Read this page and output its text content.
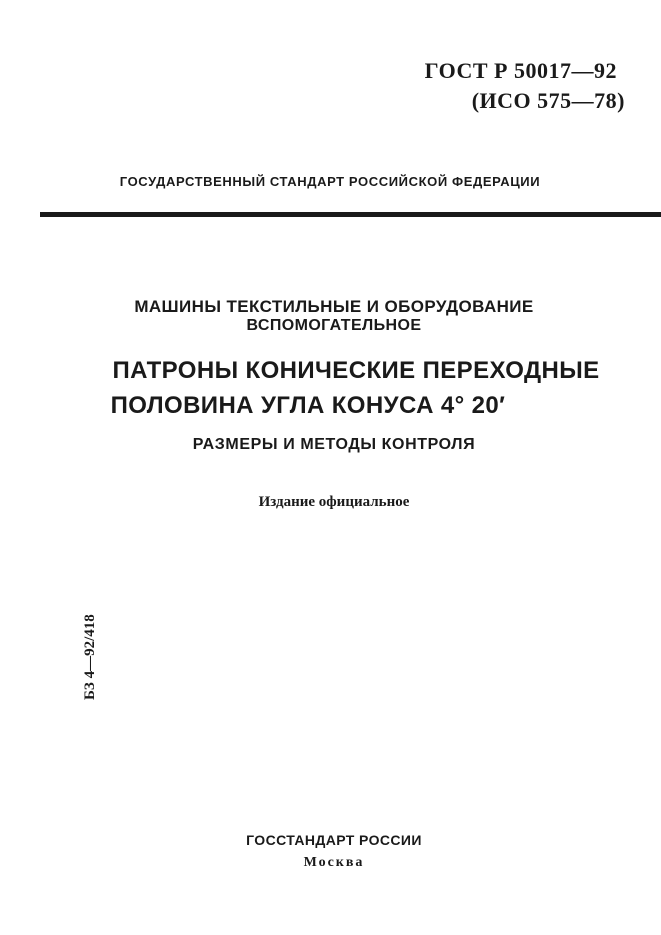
ГОСТ Р 50017—92
(ИСО 575—78)
ГОСУДАРСТВЕННЫЙ СТАНДАРТ РОССИЙСКОЙ ФЕДЕРАЦИИ
МАШИНЫ ТЕКСТИЛЬНЫЕ И ОБОРУДОВАНИЕ
ВСПОМОГАТЕЛЬНОЕ
ПАТРОНЫ КОНИЧЕСКИЕ ПЕРЕХОДНЫЕ
ПОЛОВИНА УГЛА КОНУСА 4° 20′
РАЗМЕРЫ И МЕТОДЫ КОНТРОЛЯ
Издание официальное
БЗ 4—92/418
ГОССТАНДАРТ РОССИИ
Москва
